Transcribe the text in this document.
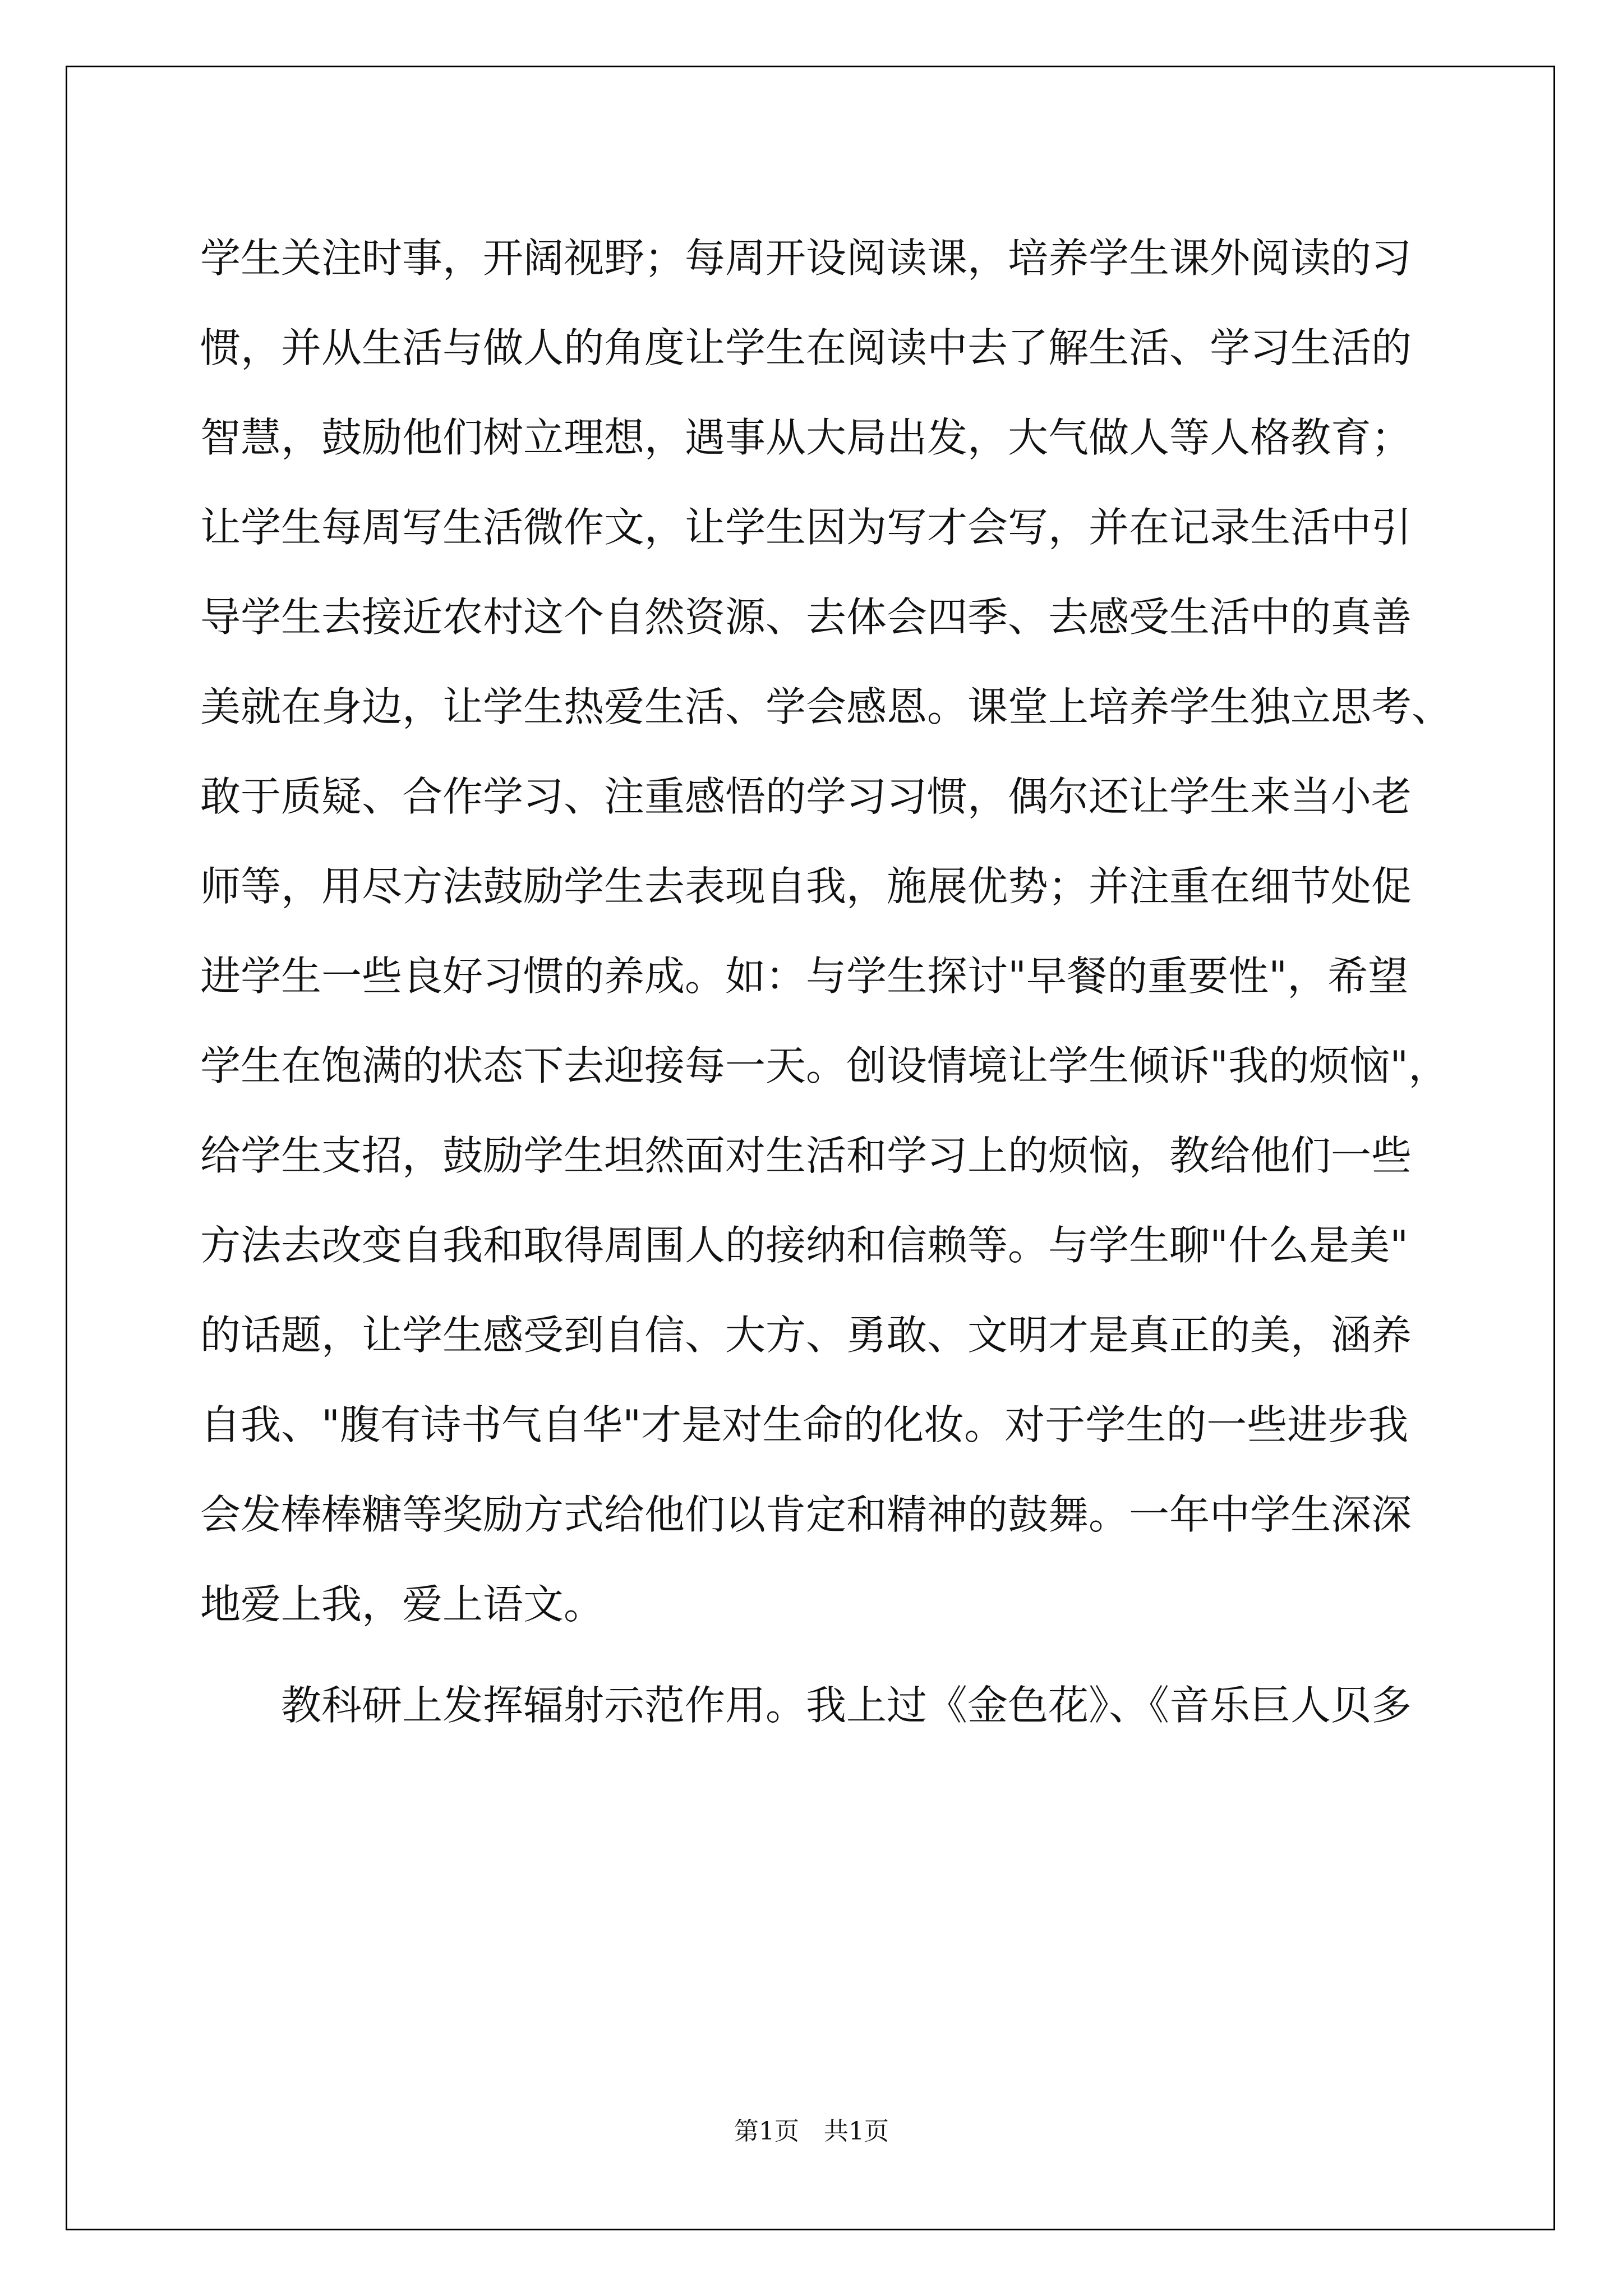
学生关注时事，开阔视野；每周开设阅读课，培养学生课外阅读的习
惯，并从生活与做人的角度让学生在阅读中去了解生活、学习生活的
智慧，鼓励他们树立理想，遇事从大局出发，大气做人等人格教育；
让学生每周写生活微作文，让学生因为写才会写，并在记录生活中引
导学生去接近农村这个自然资源、去体会四季、去感受生活中的真善
美就在身边，让学生热爱生活、学会感恩。课堂上培养学生独立思考、
敢于质疑、合作学习、注重感悟的学习习惯，偶尔还让学生来当小老
师等，用尽方法鼓励学生去表现自我，施展优势；并注重在细节处促
进学生一些良好习惯的养成。如：与学生探讨"早餐的重要性"，希望
学生在饱满的状态下去迎接每一天。创设情境让学生倾诉"我的烦恼"，
给学生支招，鼓励学生坦然面对生活和学习上的烦恼，教给他们一些
方法去改变自我和取得周围人的接纳和信赖等。与学生聊"什么是美"
的话题，让学生感受到自信、大方、勇敢、文明才是真正的美，涵养
自我、"腹有诗书气自华"才是对生命的化妆。对于学生的一些进步我
会发棒棒糖等奖励方式给他们以肯定和精神的鼓舞。一年中学生深深
地爱上我，爱上语文。
教科研上发挥辐射示范作用。我上过《金色花》、《音乐巨人贝多
第1页　共1页
